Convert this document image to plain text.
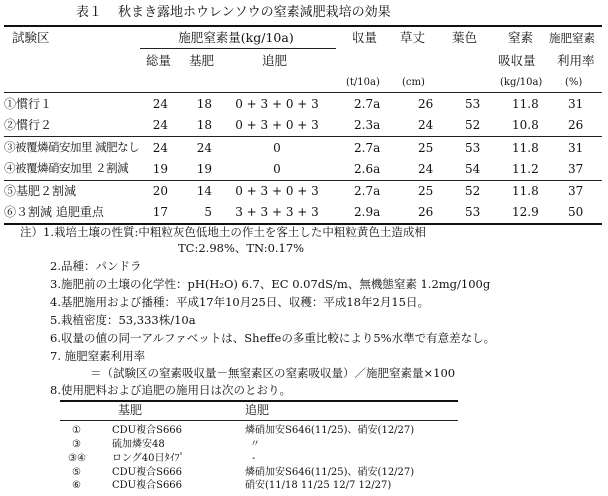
表１ 秋まき露地ホウレンソウの窒素減肥栽培の効果
試験区	施肥窒素量(kg/10a)	収量 草丈 葉色 窒素 施肥窒素
総量 基肥	追肥	吸収量 利用率
(t/10a) (cm)	(kg/10a) (%)
①慣行１	24	18	0 + 3 + 0 + 3	2.7a	26	53	11.8 31
②慣行２	24	18	0 + 3 + 0 + 3	2.3a	24	52	10.8 26
③被覆燐硝安加里 減肥なし	24	24	0	2.7a	25	53	11.8 31
④被覆燐硝安加里 ２割減	19	19	0	2.6a	24	54	11.2 37
⑤基肥２割減	20	14	0 + 3 + 0 + 3	2.7a	25	52	11.8 37
⑥３割減 追肥重点	17	5	3 + 3 + 3 + 3	2.9a	26	53	12.9 50
注）1.栽培土壌の性質:中粗粒灰色低地土の作土を客土した中粗粒黄色土造成相
TC:2.98%、TN:0.17%
2.品種：パンドラ
3.施肥前の土壌の化学性：pH(H₂O) 6.7、EC 0.07dS/m、無機態窒素 1.2mg/100g
4.基肥施用および播種：平成17年10月25日、収穫：平成18年2月15日。
5.栽植密度：53,333株/10a
6.収量の値の同一アルファベットは、Sheffeの多重比較により5%水準で有意差なし。
7. 施肥窒素利用率
＝（試験区の窒素吸収量－無窒素区の窒素吸収量）／施肥窒素量×100
8.使用肥料および追肥の施用日は次のとおり。
基肥	追肥
①	CDU複合S666	燐硝加安S646(11/25)、硝安(12/27)
③	硫加燐安48	〃
③④	ロング40日ﾀｲﾌﾟ	-
⑤	CDU複合S666	燐硝加安S646(11/25)、硝安(12/27)
⑥	CDU複合S666	硝安(11/18 11/25 12/7 12/27)
